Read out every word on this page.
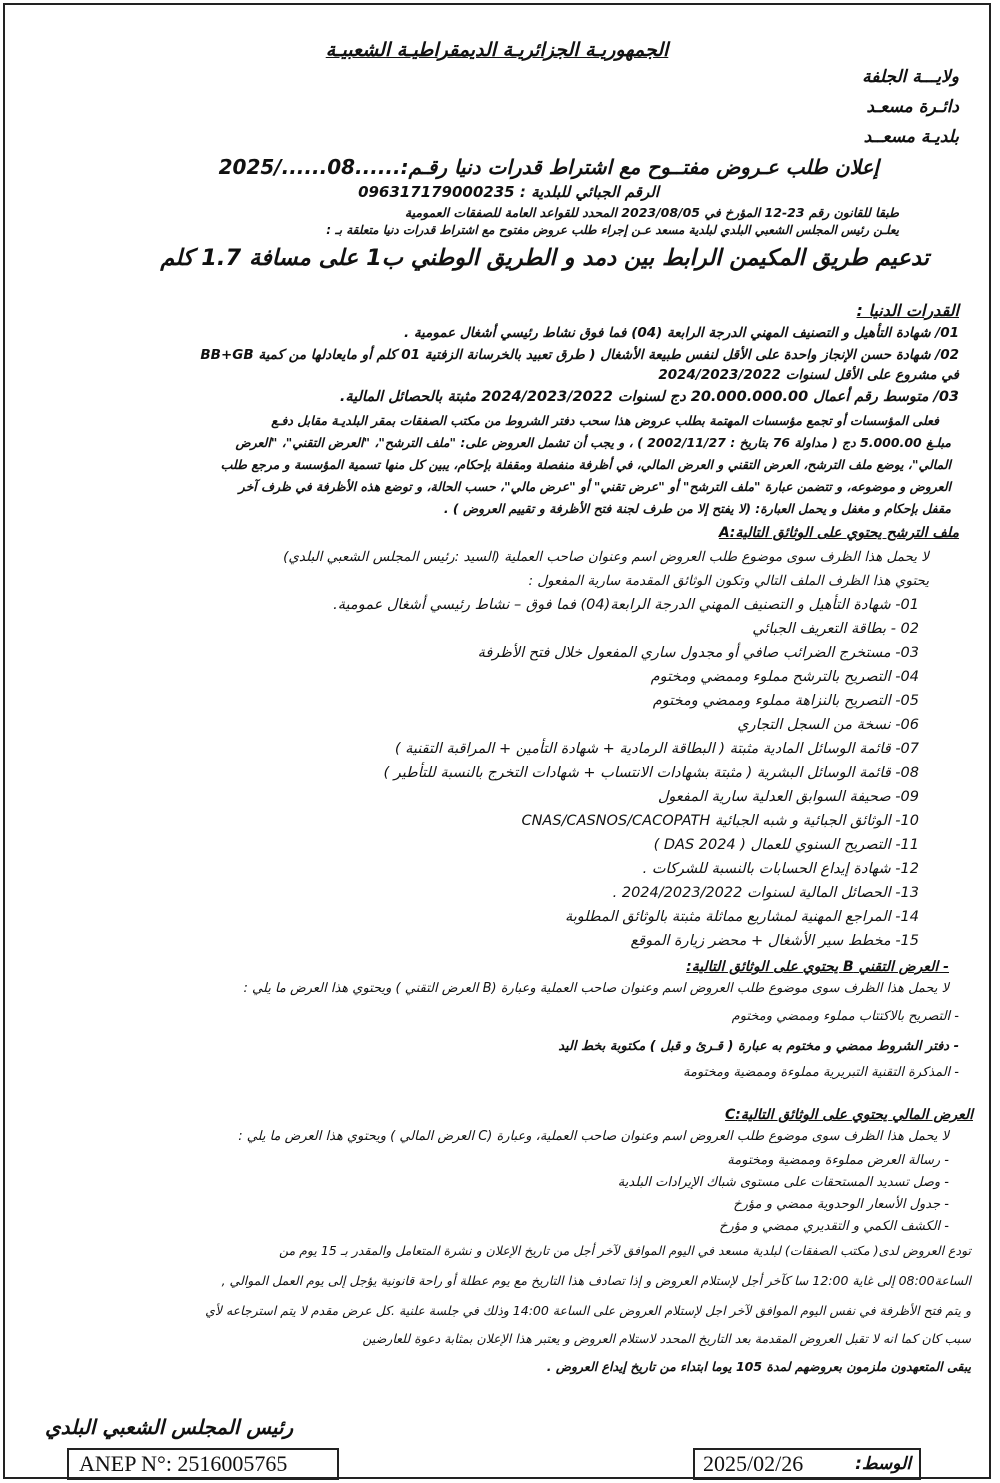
الجمهوريـة الجزائريـة الديمقراطيـة الشعبيـة
ولايـــة الجلفة
دائـرة مسعـد
بلديـة مسعــد
إعلان طلب عـروض مفتــوح مع اشتراط قدرات دنيا رقـم:......08....../2025
الرقم الجبائي للبلدية : 096317179000235
طبقا للقانون رقم 23-12 المؤرخ في 2023/08/05 المحدد للقواعد العامة للصفقات العمومية
يعلـن رئيس المجلس الشعبي البلدي لبلدية مسعد عـن إجراء طلب عروض مفتوح مع اشتراط قدرات دنيا متعلقة بـ :
تدعيم طريق المكيمن الرابط بين دمد و الطريق الوطني ب1 على مسافة 1.7 كلم
القدرات الدنيا :
01/ شهادة التأهيل و التصنيف المهني الدرجة الرابعة (04) فما فوق نشاط رئيسي أشغال عمومية .
02/ شهادة حسن الإنجاز واحدة على الأقل لنفس طبيعة الأشغال ( طرق تعبيد بالخرسانة الزفتية 01 كلم أو مايعادلها من كمية BB+GB
في مشروع على الأقل لسنوات 2024/2023/2022
03/ متوسط رقم أعمال 20.000.000.00 دج لسنوات 2024/2023/2022 مثبتة بالحصائل المالية.
فعلى المؤسسات أو تجمع مؤسسات المهتمة بطلب عروض هذا سحب دفتر الشروط من مكتب الصفقات بمقر البلديـة مقابل دفـع
مبلـغ 5.000.00 دج ( مداولة 76 بتاريخ : 2002/11/27 ) ، و يجب أن تشمل العروض على: "ملف الترشح"، "العرض التقني"، "العرض
المالي"، يوضع ملف الترشح، العرض التقني و العرض المالي، في أظرفة منفصلة ومقفلة بإحكام، يبين كل منها تسمية المؤسسة و مرجع طلب
العروض و موضوعه، و تتضمن عبارة "ملف الترشح" أو "عرض تقني" أو "عرض مالي"، حسب الحالة، و توضع هذه الأظرفة في ظرف آخر
مقفل بإحكام و مغفل و يحمل العبارة: (لا يفتح إلا من طرف لجنة فتح الأظرفة و تقييم العروض ) .
ملف الترشح يحتوي على الوثائق التالية:A
لا يحمل هذا الظرف سوى موضوع طلب العروض اسم وعنوان صاحب العملية (السيد :رئيس المجلس الشعبي البلدي)
يحتوي هذا الظرف الملف التالي وتكون الوثائق المقدمة سارية المفعول :
01- شهادة التأهيل و التصنيف المهني الدرجة الرابعة(04) فما فوق – نشاط رئيسي أشغال عمومية.
02 - بطاقة التعريف الجبائي
03- مستخرج الضرائب صافي أو مجدول ساري المفعول خلال فتح الأظرفة
04- التصريح بالترشح مملوء وممضي ومختوم
05- التصريح بالنزاهة مملوء وممضي ومختوم
06- نسخة من السجل التجاري
07- قائمة الوسائل المادية مثبتة ( البطاقة الرمادية + شهادة التأمين + المراقبة التقنية )
08- قائمة الوسائل البشرية ( مثبتة بشهادات الانتساب + شهادات التخرج بالنسبة للتأطير )
09- صحيفة السوابق العدلية سارية المفعول
10- الوثائق الجبائية و شبه الجبائية CNAS/CASNOS/CACOPATH
11- التصريح السنوي للعمال ( DAS 2024 )
12- شهادة إيداع الحسابات بالنسبة للشركات .
13- الحصائل المالية لسنوات 2024/2023/2022 .
14- المراجع المهنية لمشاريع مماثلة مثبتة بالوثائق المطلوبة
15- مخطط سير الأشغال + محضر زيارة الموقع
- العرض التقني B يحتوي على الوثائق التالية:
لا يحمل هذا الظرف سوى موضوع طلب العروض اسم وعنوان صاحب العملية وعبارة (B العرض التقني ) ويحتوي هذا العرض ما يلي :
- التصريح بالاكتتاب مملوء وممضي ومختوم
- دفتر الشروط ممضي و مختوم به عبارة ( قـرئ و قبل ) مكتوبة بخط اليد
- المذكرة التقنية التبريرية مملوءة وممضية ومختومة
العرض المالي يحتوي على الوثائق التالية:C
لا يحمل هذا الظرف سوى موضوع طلب العروض اسم وعنوان صاحب العملية، وعبارة (C العرض المالي ) ويحتوي هذا العرض ما يلي :
- رسالة العرض مملوءة وممضية ومختومة
- وصل تسديد المستحقات على مستوى شباك الإيرادات البلدية
- جدول الأسعار الوحدوية ممضي و مؤرخ
- الكشف الكمي و التقديري ممضي و مؤرخ
تودع العروض لدى( مكتب الصفقات) لبلدية مسعد في اليوم الموافق لآخر أجل من تاريخ الإعلان و نشرة المتعامل والمقدر بـ 15 يوم من
الساعة08:00 إلى غاية 12:00 سا كآخر أجل لإستلام العروض و إذا تصادف هذا التاريخ مع يوم عطلة أو راحة قانونية يؤجل إلى يوم العمل الموالي ,
و يتم فتح الأظرفة في نفس اليوم الموافق لآخر اجل لإستلام العروض على الساعة 14:00 وذلك في جلسة علنية .كل عرض مقدم لا يتم استرجاعه لأي
سبب كان كما انه لا تقبل العروض المقدمة بعد التاريخ المحدد لاستلام العروض و يعتبر هذا الإعلان بمثابة دعوة للعارضين
يبقى المتعهدون ملزمون بعروضهم لمدة 105 يوما ابتداء من تاريخ إيداع العروض .
رئيس المجلس الشعبي البلدي
ANEP N°: 2516005765	2025/02/26	الوسط:
